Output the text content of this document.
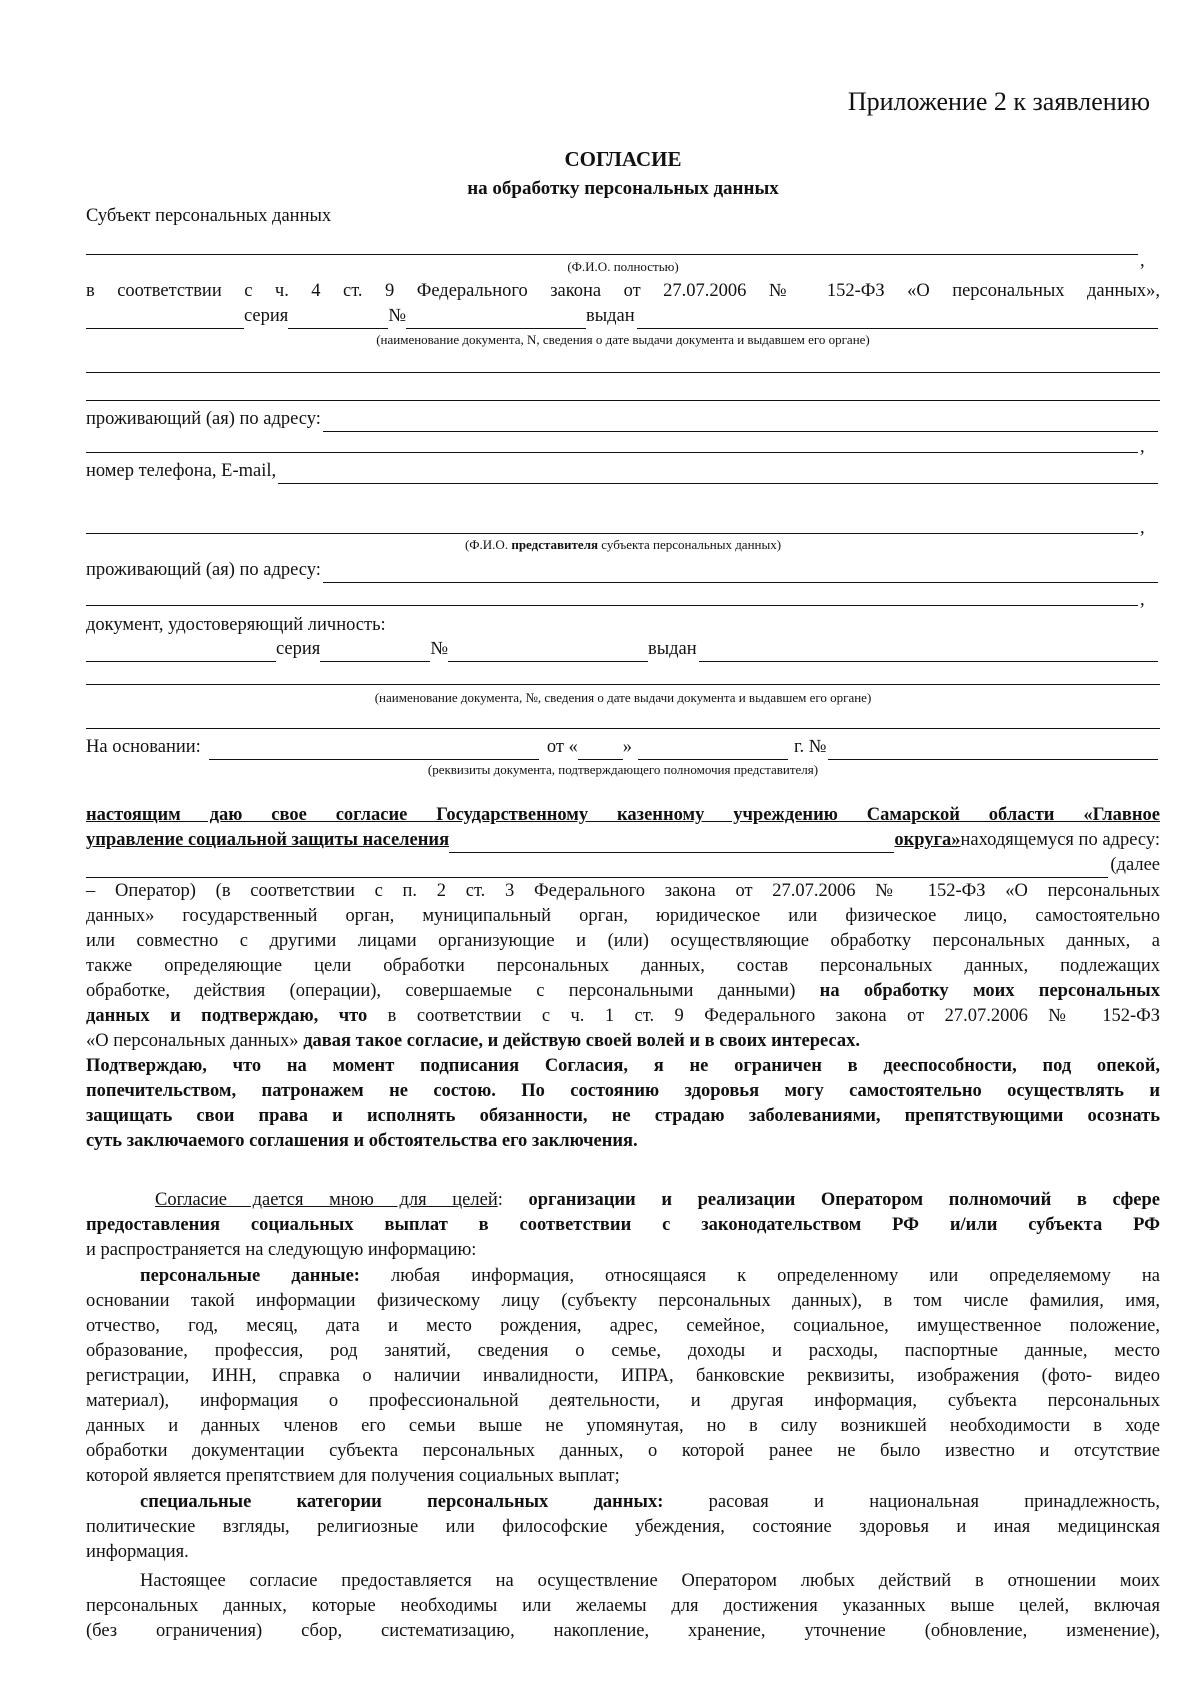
Приложение 2 к заявлению
СОГЛАСИЕ
на обработку персональных данных
Субъект персональных данных
,
(Ф.И.О. полностью)
в соответствии с ч. 4 ст. 9 Федерального закона от 27.07.2006 № 152-ФЗ «О персональных данных»,
серия	№	выдан
(наименование документа, N, сведения о дате выдачи документа и выдавшем его органе)
проживающий (ая) по адресу:
,
номер телефона, E-mail,
,
(Ф.И.О. представителя субъекта персональных данных)
проживающий (ая) по адресу:
,
документ, удостоверяющий личность:
серия	№	выдан
(наименование документа, №, сведения о дате выдачи документа и выдавшем его органе)
На основании:	от « »	г. №
(реквизиты документа, подтверждающего полномочия представителя)
настоящим даю свое согласие Государственному казенному учреждению Самарской области «Главное
управление социальной защиты населения	округа» находящемуся по адресу:
(далее
– Оператор) (в соответствии с п. 2 ст. 3 Федерального закона от 27.07.2006 № 152-ФЗ «О персональных
данных» государственный орган, муниципальный орган, юридическое или физическое лицо, самостоятельно
или совместно с другими лицами организующие и (или) осуществляющие обработку персональных данных, а
также определяющие цели обработки персональных данных, состав персональных данных, подлежащих
обработке, действия (операции), совершаемые с персональными данными) на обработку моих персональных
данных и подтверждаю, что в соответствии с ч. 1 ст. 9 Федерального закона от 27.07.2006 № 152-ФЗ
«О персональных данных» давая такое согласие, и действую своей волей и в своих интересах.
Подтверждаю, что на момент подписания Согласия, я не ограничен в дееспособности, под опекой,
попечительством, патронажем не состою. По состоянию здоровья могу самостоятельно осуществлять и
защищать свои права и исполнять обязанности, не страдаю заболеваниями, препятствующими осознать
суть заключаемого соглашения и обстоятельства его заключения.
Согласие дается мною для целей: организации и реализации Оператором полномочий в сфере
предоставления социальных выплат в соответствии с законодательством РФ и/или субъекта РФ
и распространяется на следующую информацию:
персональные данные: любая информация, относящаяся к определенному или определяемому на
основании такой информации физическому лицу (субъекту персональных данных), в том числе фамилия, имя,
отчество, год, месяц, дата и место рождения, адрес, семейное, социальное, имущественное положение,
образование, профессия, род занятий, сведения о семье, доходы и расходы, паспортные данные, место
регистрации, ИНН, справка о наличии инвалидности, ИПРА, банковские реквизиты, изображения (фото- видео
материал), информация о профессиональной деятельности, и другая информация, субъекта персональных
данных и данных членов его семьи выше не упомянутая, но в силу возникшей необходимости в ходе
обработки документации субъекта персональных данных, о которой ранее не было известно и отсутствие
которой является препятствием для получения социальных выплат;
специальные категории персональных данных: расовая и национальная принадлежность,
политические взгляды, религиозные или философские убеждения, состояние здоровья и иная медицинская
информация.
Настоящее согласие предоставляется на осуществление Оператором любых действий в отношении моих
персональных данных, которые необходимы или желаемы для достижения указанных выше целей, включая
(без ограничения) сбор, систематизацию, накопление, хранение, уточнение (обновление, изменение),
